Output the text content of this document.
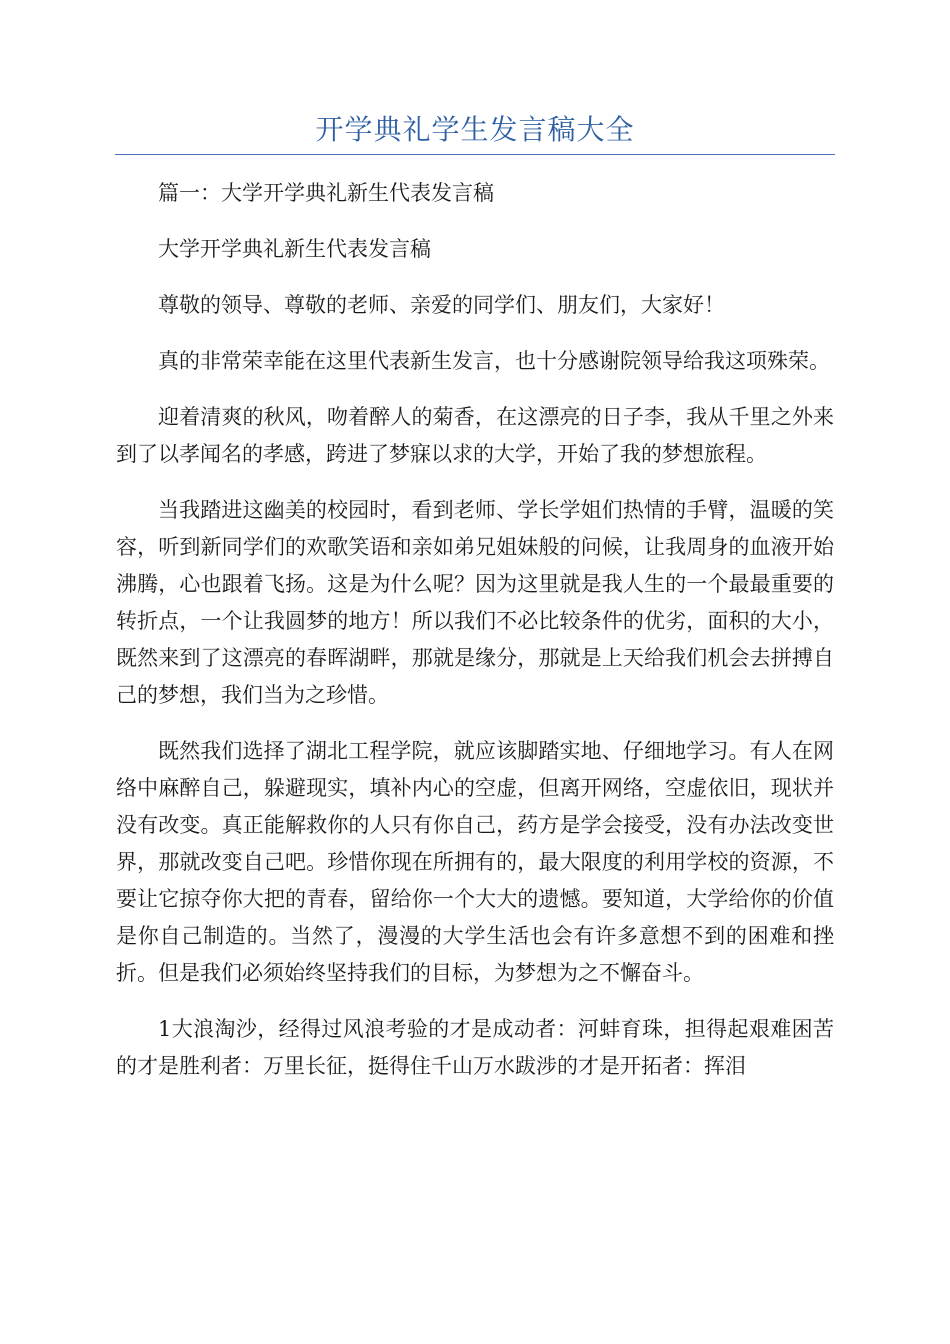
开学典礼学生发言稿大全

篇一：大学开学典礼新生代表发言稿

大学开学典礼新生代表发言稿

尊敬的领导、尊敬的老师、亲爱的同学们、朋友们，大家好！

真的非常荣幸能在这里代表新生发言，也十分感谢院领导给我这项殊荣。

迎着清爽的秋风，吻着醉人的菊香，在这漂亮的日子李，我从千里之外来到了以孝闻名的孝感，跨进了梦寐以求的大学，开始了我的梦想旅程。

当我踏进这幽美的校园时，看到老师、学长学姐们热情的手臂，温暖的笑容，听到新同学们的欢歌笑语和亲如弟兄姐妹般的问候，让我周身的血液开始沸腾，心也跟着飞扬。这是为什么呢？因为这里就是我人生的一个最最重要的转折点，一个让我圆梦的地方！所以我们不必比较条件的优劣，面积的大小，既然来到了这漂亮的春晖湖畔，那就是缘分，那就是上天给我们机会去拼搏自己的梦想，我们当为之珍惜。

既然我们选择了湖北工程学院，就应该脚踏实地、仔细地学习。有人在网络中麻醉自己，躲避现实，填补内心的空虚，但离开网络，空虚依旧，现状并没有改变。真正能解救你的人只有你自己，药方是学会接受，没有办法改变世界，那就改变自己吧。珍惜你现在所拥有的，最大限度的利用学校的资源，不要让它掠夺你大把的青春，留给你一个大大的遗憾。要知道，大学给你的价值是你自己制造的。当然了，漫漫的大学生活也会有许多意想不到的困难和挫折。但是我们必须始终坚持我们的目标，为梦想为之不懈奋斗。

1大浪淘沙，经得过风浪考验的才是成动者：河蚌育珠，担得起艰难困苦的才是胜利者：万里长征，挺得住千山万水跋涉的才是开拓者：挥泪
